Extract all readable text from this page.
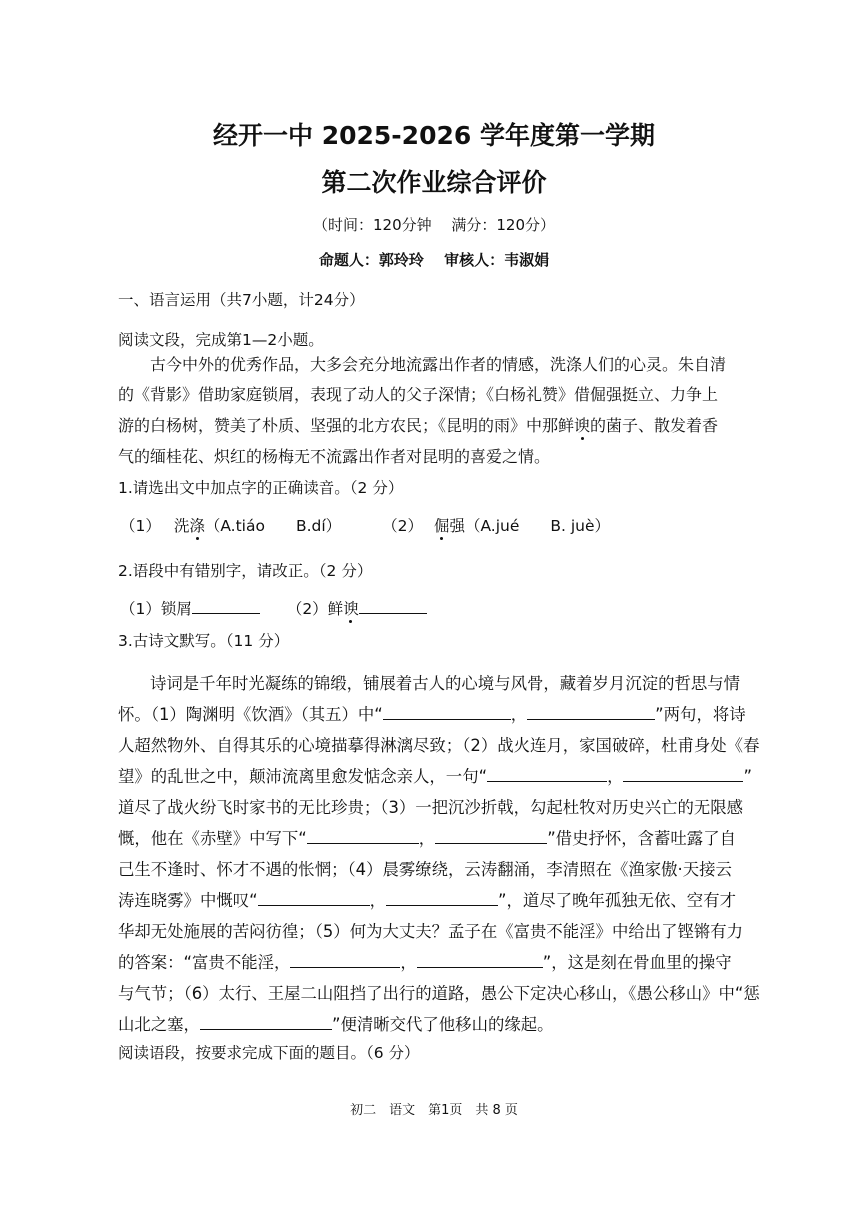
经开一中 2025-2026 学年度第一学期
第二次作业综合评价
（时间：120分钟　 满分：120分）
命题人：郭玲玲　 审核人：韦淑娟
一、语言运用（共7小题，计24分）
阅读文段，完成第1—2小题。
古今中外的优秀作品，大多会充分地流露出作者的情感，洗涤人们的心灵。朱自清
的《背影》借助家庭锁屑，表现了动人的父子深情；《白杨礼赞》借倔强挺立、力争上
游的白杨树，赞美了朴质、坚强的北方农民；《昆明的雨》中那鲜谀的菌子、散发着香
气的缅桂花、炽红的杨梅无不流露出作者对昆明的喜爱之情。
1.请选出文中加点字的正确读音。（2 分）
（1） 洗涤（A.tiáo　　B.dí）	（2） 倔强（A.jué　　B. juè）
2.语段中有错别字，请改正。（2 分）
（1）锁屑	（2）鲜谀
3.古诗文默写。（11 分）
诗词是千年时光凝练的锦缎，铺展着古人的心境与风骨，藏着岁月沉淀的哲思与情
怀。（1）陶渊明《饮酒》（其五）中“	，	”两句，将诗
人超然物外、自得其乐的心境描摹得淋漓尽致；（2）战火连月，家国破碎，杜甫身处《春
望》的乱世之中，颠沛流离里愈发惦念亲人，一句“	，	”
道尽了战火纷飞时家书的无比珍贵；（3）一把沉沙折戟，勾起杜牧对历史兴亡的无限感
慨，他在《赤壁》中写下“	，	”借史抒怀，含蓄吐露了自
己生不逢时、怀才不遇的怅惘；（4）晨雾缭绕，云涛翻涌，李清照在《渔家傲·天接云
涛连晓雾》中慨叹“	，	”，道尽了晚年孤独无依、空有才
华却无处施展的苦闷彷徨；（5）何为大丈夫？孟子在《富贵不能淫》中给出了铿锵有力
的答案：“富贵不能淫，	，	”，这是刻在骨血里的操守
与气节；（6）太行、王屋二山阻挡了出行的道路，愚公下定决心移山，《愚公移山》中“惩
山北之塞，	”便清晰交代了他移山的缘起。
阅读语段，按要求完成下面的题目。（6 分）
初二　语文　第1页　共 8 页
